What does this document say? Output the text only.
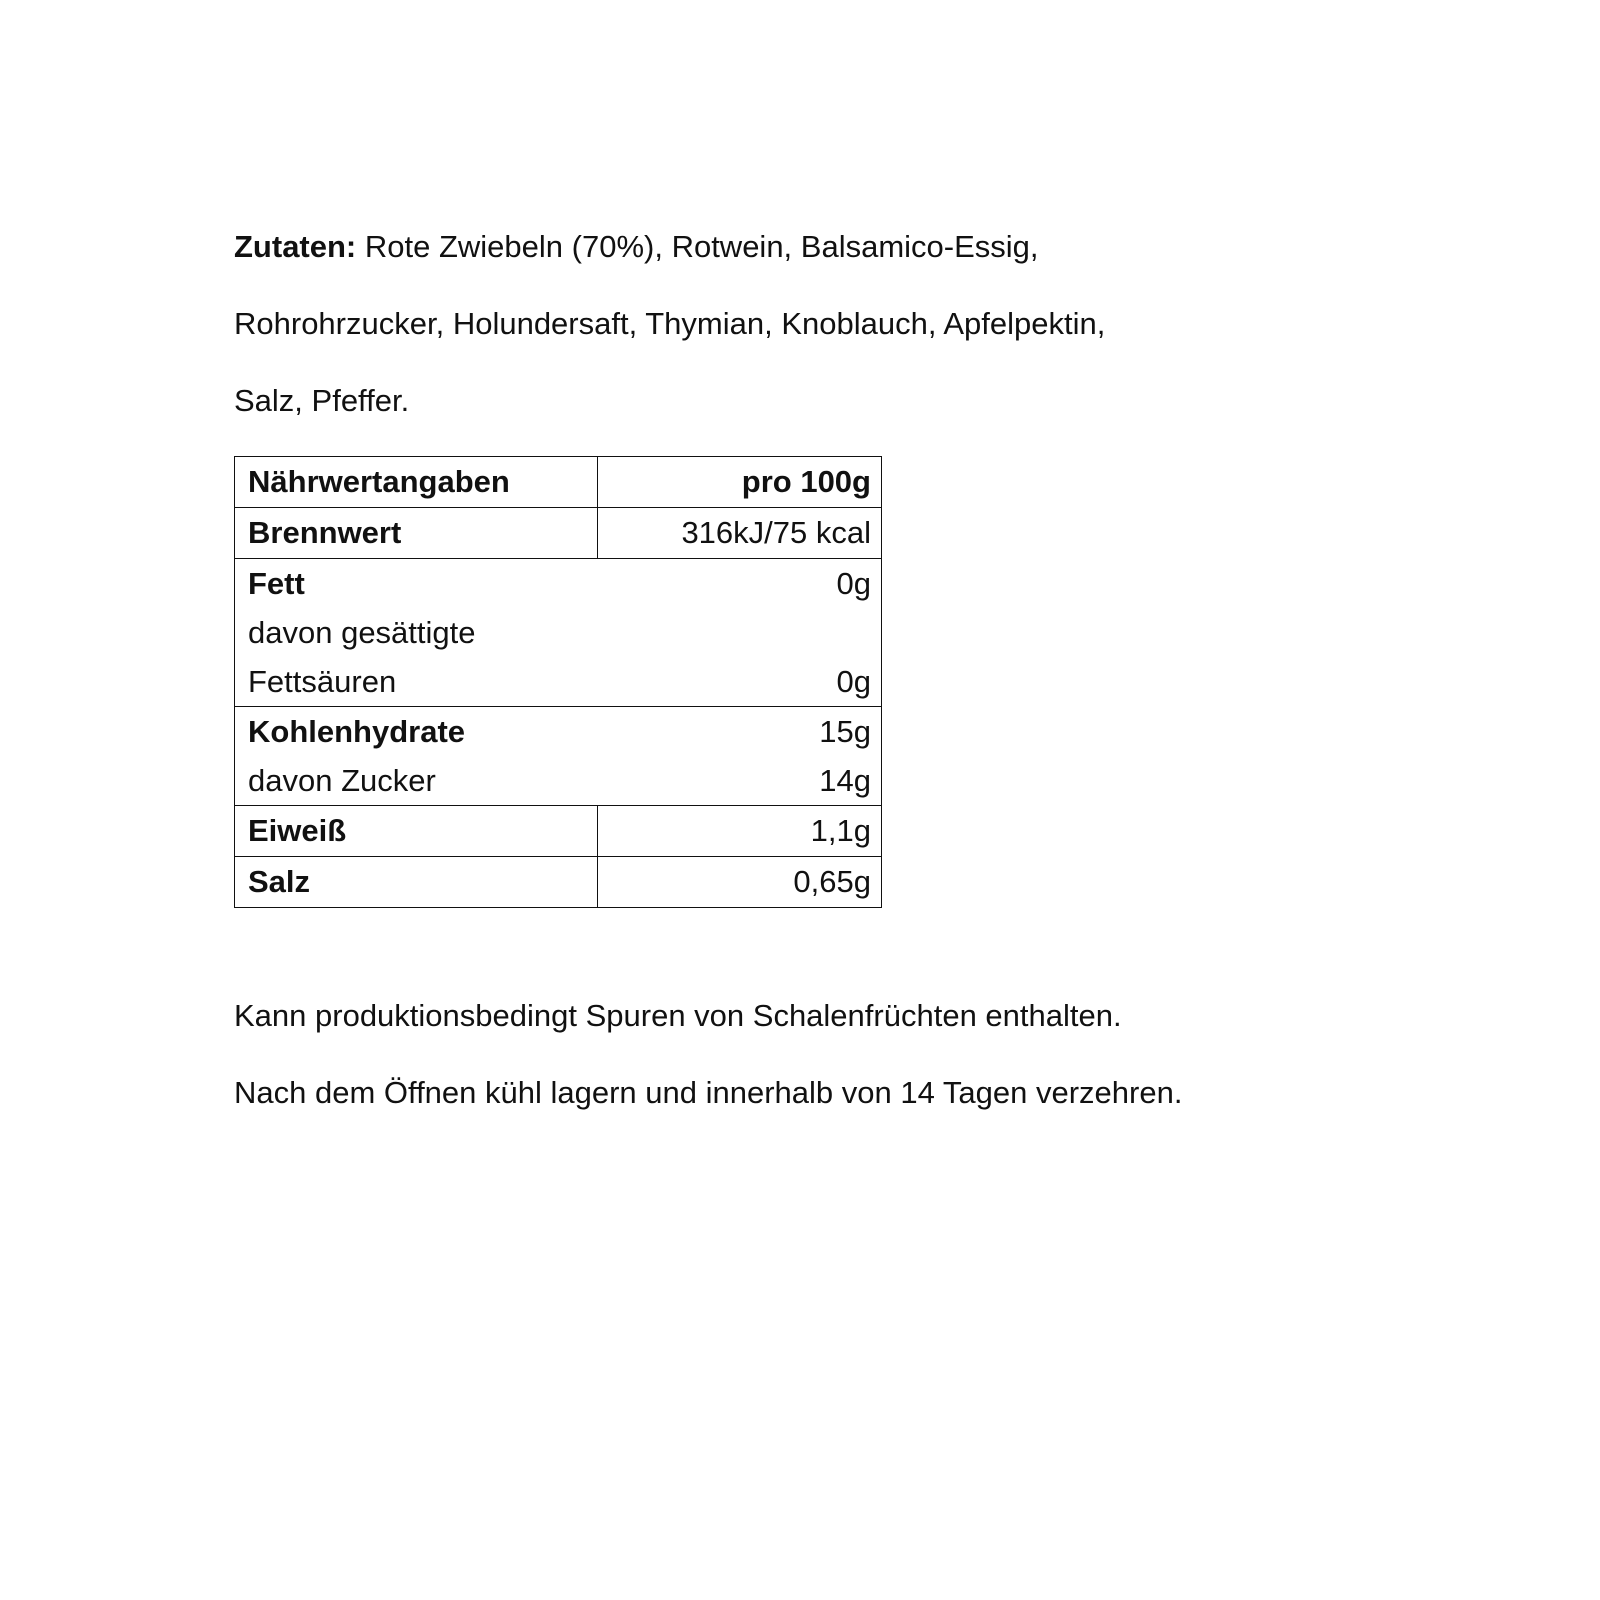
Zutaten: Rote Zwiebeln (70%), Rotwein, Balsamico-Essig,
Rohrohrzucker, Holundersaft, Thymian, Knoblauch, Apfelpektin,
Salz, Pfeffer.
Kann produktionsbedingt Spuren von Schalenfrüchten enthalten.
Nach dem Öffnen kühl lagern und innerhalb von 14 Tagen verzehren.
Nährwertangaben	pro 100g
Brennwert	316kJ/75 kcal

Fett 0g
davon gesättigte
Fettsäuren 0g	

Kohlenhydrate 15g
davon Zucker 14g	

Eiweiß	1,1g
Salz	0,65g
